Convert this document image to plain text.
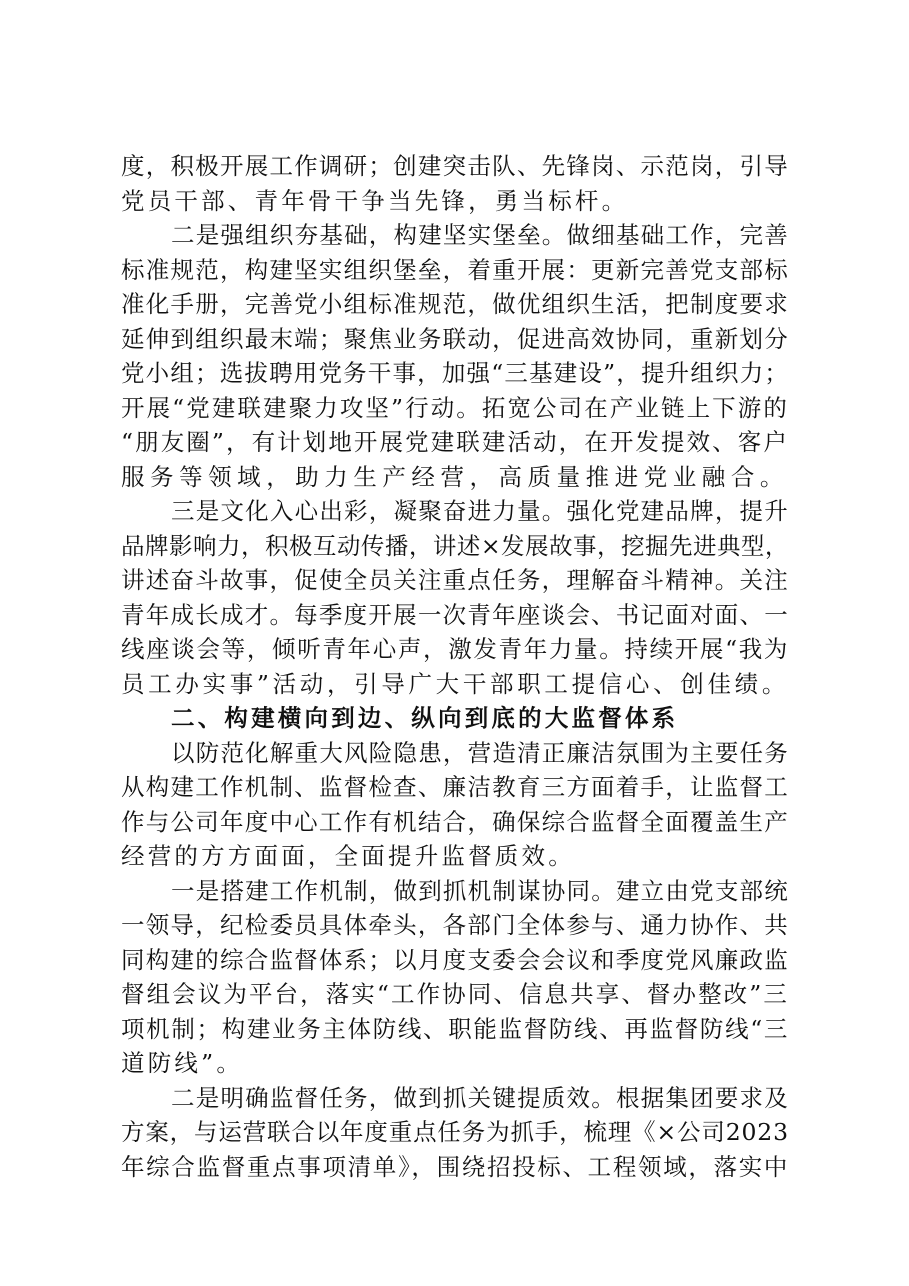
度，积极开展工作调研；创建突击队、先锋岗、示范岗，引导
党员干部、青年骨干争当先锋，勇当标杆。
二是强组织夯基础，构建坚实堡垒。做细基础工作，完善
标准规范，构建坚实组织堡垒，着重开展：更新完善党支部标
准化手册，完善党小组标准规范，做优组织生活，把制度要求
延伸到组织最末端；聚焦业务联动，促进高效协同，重新划分
党小组；选拔聘用党务干事，加强“三基建设”，提升组织力；
开展“党建联建聚力攻坚”行动。拓宽公司在产业链上下游的
“朋友圈”，有计划地开展党建联建活动，在开发提效、客户
服务等领域，助力生产经营，高质量推进党业融合。
三是文化入心出彩，凝聚奋进力量。强化党建品牌，提升
品牌影响力，积极互动传播，讲述×发展故事，挖掘先进典型，
讲述奋斗故事，促使全员关注重点任务，理解奋斗精神。关注
青年成长成才。每季度开展一次青年座谈会、书记面对面、一
线座谈会等，倾听青年心声，激发青年力量。持续开展“我为
员工办实事”活动，引导广大干部职工提信心、创佳绩。
二、构建横向到边、纵向到底的大监督体系
以防范化解重大风险隐患，营造清正廉洁氛围为主要任务
从构建工作机制、监督检查、廉洁教育三方面着手，让监督工
作与公司年度中心工作有机结合，确保综合监督全面覆盖生产
经营的方方面面，全面提升监督质效。
一是搭建工作机制，做到抓机制谋协同。建立由党支部统
一领导，纪检委员具体牵头，各部门全体参与、通力协作、共
同构建的综合监督体系；以月度支委会会议和季度党风廉政监
督组会议为平台，落实“工作协同、信息共享、督办整改”三
项机制；构建业务主体防线、职能监督防线、再监督防线“三
道防线”。
二是明确监督任务，做到抓关键提质效。根据集团要求及
方案，与运营联合以年度重点任务为抓手，梳理《×公司2023
年综合监督重点事项清单》，围绕招投标、工程领域，落实中
